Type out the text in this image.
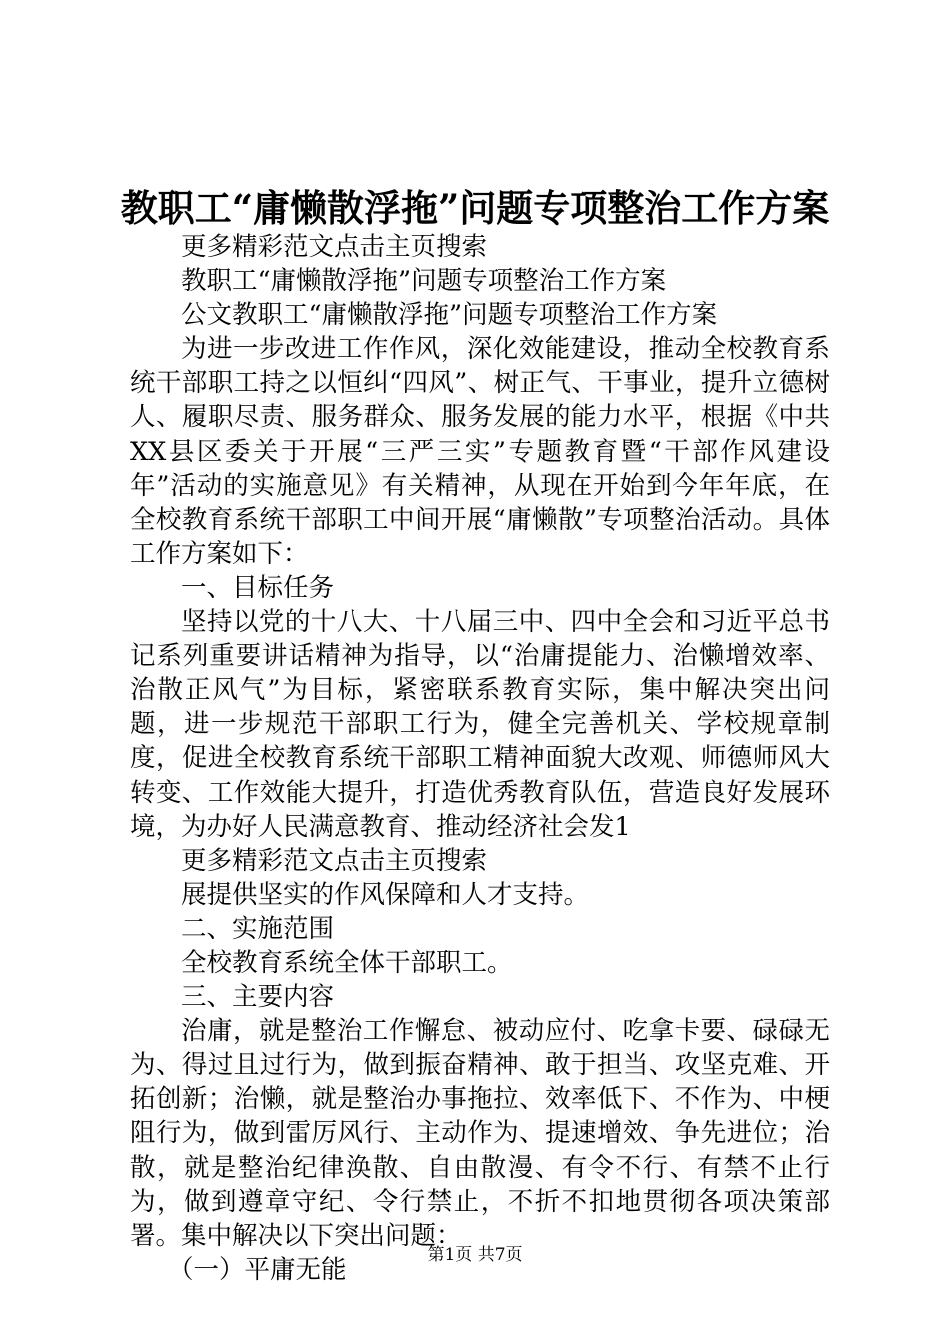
教职工“庸懒散浮拖”问题专项整治工作方案

更多精彩范文点击主页搜索

教职工“庸懒散浮拖”问题专项整治工作方案

公文教职工“庸懒散浮拖”问题专项整治工作方案

为进一步改进工作作风，深化效能建设，推动全校教育系统干部职工持之以恒纠“四风”、树正气、干事业，提升立德树人、履职尽责、服务群众、服务发展的能力水平，根据《中共XX县区委关于开展“三严三实”专题教育暨“干部作风建设年”活动的实施意见》有关精神，从现在开始到今年年底，在全校教育系统干部职工中间开展“庸懒散”专项整治活动。具体工作方案如下：

一、目标任务

坚持以党的十八大、十八届三中、四中全会和习近平总书记系列重要讲话精神为指导，以“治庸提能力、治懒增效率、治散正风气”为目标，紧密联系教育实际，集中解决突出问题，进一步规范干部职工行为，健全完善机关、学校规章制度，促进全校教育系统干部职工精神面貌大改观、师德师风大转变、工作效能大提升，打造优秀教育队伍，营造良好发展环境，为办好人民满意教育、推动经济社会发1

更多精彩范文点击主页搜索

展提供坚实的作风保障和人才支持。

二、实施范围

全校教育系统全体干部职工。

三、主要内容

治庸，就是整治工作懈怠、被动应付、吃拿卡要、碌碌无为、得过且过行为，做到振奋精神、敢于担当、攻坚克难、开拓创新；治懒，就是整治办事拖拉、效率低下、不作为、中梗阻行为，做到雷厉风行、主动作为、提速增效、争先进位；治散，就是整治纪律涣散、自由散漫、有令不行、有禁不止行为，做到遵章守纪、令行禁止，不折不扣地贯彻各项决策部署。集中解决以下突出问题：

（一）平庸无能	第1页 共7页
